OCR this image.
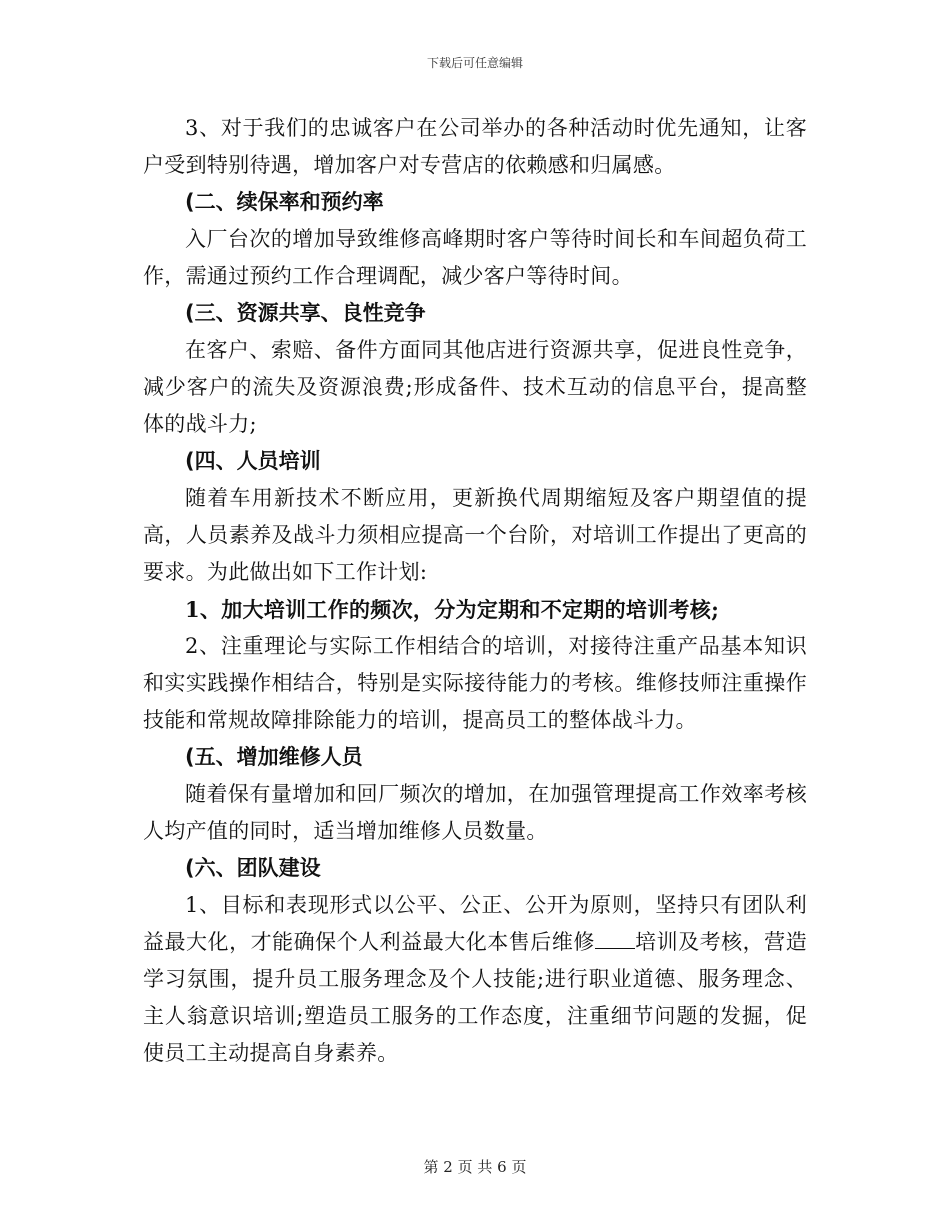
下载后可任意编辑

3、对于我们的忠诚客户在公司举办的各种活动时优先通知，让客户受到特别待遇，增加客户对专营店的依赖感和归属感。

(二、续保率和预约率

入厂台次的增加导致维修高峰期时客户等待时间长和车间超负荷工作，需通过预约工作合理调配，减少客户等待时间。

(三、资源共享、良性竞争

在客户、索赔、备件方面同其他店进行资源共享，促进良性竞争，减少客户的流失及资源浪费;形成备件、技术互动的信息平台，提高整体的战斗力;

(四、人员培训

随着车用新技术不断应用，更新换代周期缩短及客户期望值的提高，人员素养及战斗力须相应提高一个台阶，对培训工作提出了更高的要求。为此做出如下工作计划:

1、加大培训工作的频次，分为定期和不定期的培训考核;

2、注重理论与实际工作相结合的培训，对接待注重产品基本知识和实实践操作相结合，特别是实际接待能力的考核。维修技师注重操作技能和常规故障排除能力的培训，提高员工的整体战斗力。

(五、增加维修人员

随着保有量增加和回厂频次的增加，在加强管理提高工作效率考核人均产值的同时，适当增加维修人员数量。

(六、团队建设

1、目标和表现形式以公平、公正、公开为原则，坚持只有团队利益最大化，才能确保个人利益最大化本售后维修 培训及考核，营造学习氛围，提升员工服务理念及个人技能;进行职业道德、服务理念、主人翁意识培训;塑造员工服务的工作态度，注重细节问题的发掘，促使员工主动提高自身素养。

第 2 页 共 6 页
